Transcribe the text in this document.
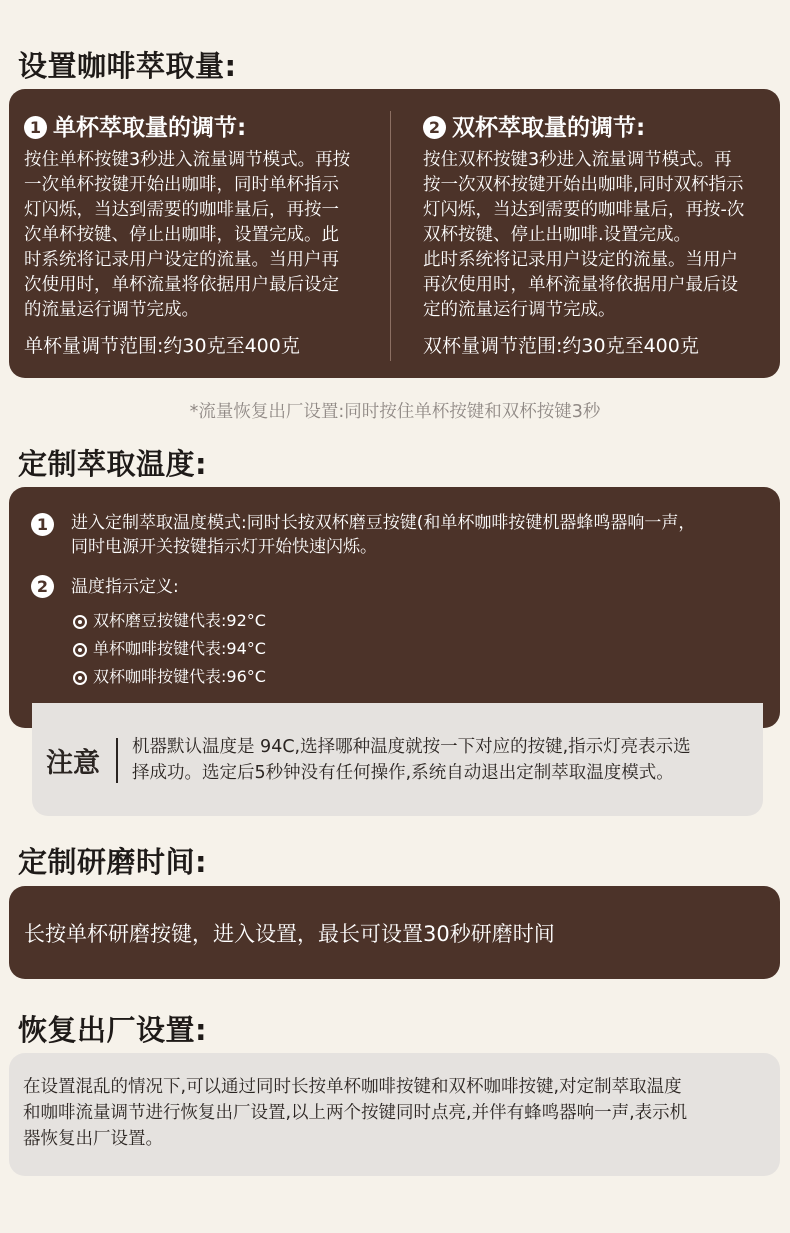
设置咖啡萃取量:
1 单杯萃取量的调节:
按住单杯按键3秒进入流量调节模式。再按
一次单杯按键开始出咖啡，同时单杯指示
灯闪烁，当达到需要的咖啡量后，再按一
次单杯按键、停止出咖啡，设置完成。此
时系统将记录用户设定的流量。当用户再
次使用时，单杯流量将依据用户最后设定
的流量运行调节完成。
单杯量调节范围:约30克至400克
2 双杯萃取量的调节:
按住双杯按键3秒进入流量调节模式。再
按一次双杯按键开始出咖啡,同时双杯指示
灯闪烁，当达到需要的咖啡量后，再按-次
双杯按键、停止出咖啡.设置完成。
此时系统将记录用户设定的流量。当用户
再次使用时，单杯流量将依据用户最后设
定的流量运行调节完成。
双杯量调节范围:约30克至400克
*流量恢复出厂设置:同时按住单杯按键和双杯按键3秒
定制萃取温度:
1	进入定制萃取温度模式:同时长按双杯磨豆按键(和单杯咖啡按键机器蜂鸣器响一声，
同时电源开关按键指示灯开始快速闪烁。
2	温度指示定义:
双杯磨豆按键代表:92°C
单杯咖啡按键代表:94°C
双杯咖啡按键代表:96°C
注意
机器默认温度是 94C,选择哪种温度就按一下对应的按键,指示灯亮表示选
择成功。选定后5秒钟没有任何操作,系统自动退出定制萃取温度模式。
定制研磨时间:
长按单杯研磨按键，进入设置，最长可设置30秒研磨时间
恢复出厂设置:
在设置混乱的情况下,可以通过同时长按单杯咖啡按键和双杯咖啡按键,对定制萃取温度
和咖啡流量调节进行恢复出厂设置,以上两个按键同时点亮,并伴有蜂鸣器响一声,表示机
器恢复出厂设置。
